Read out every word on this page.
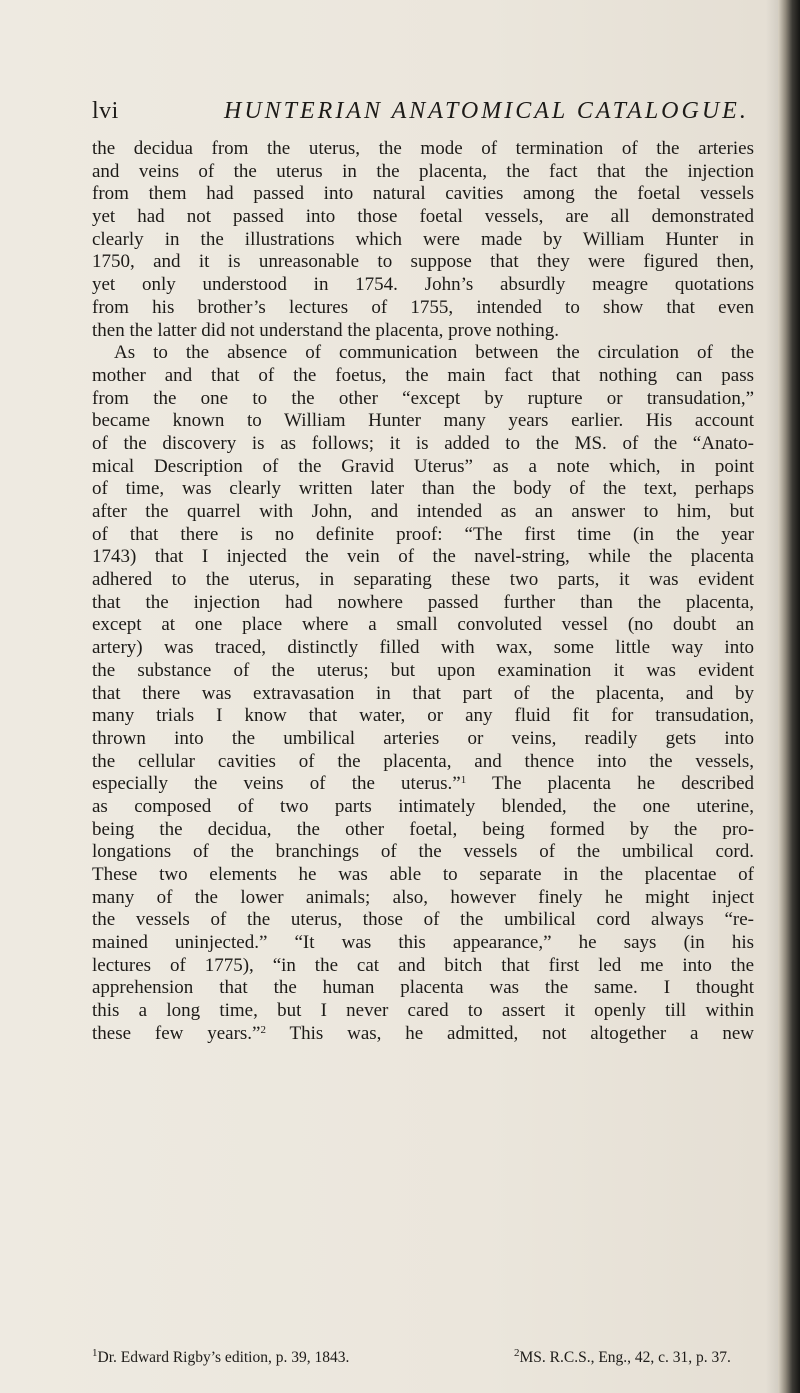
lvi	HUNTERIAN ANATOMICAL CATALOGUE.
the decidua from the uterus, the mode of termination of the arteries
and veins of the uterus in the placenta, the fact that the injection
from them had passed into natural cavities among the foetal vessels
yet had not passed into those foetal vessels, are all demonstrated
clearly in the illustrations which were made by William Hunter in
1750, and it is unreasonable to suppose that they were figured then,
yet only understood in 1754. John’s absurdly meagre quotations
from his brother’s lectures of 1755, intended to show that even
then the latter did not understand the placenta, prove nothing.
As to the absence of communication between the circulation of the
mother and that of the foetus, the main fact that nothing can pass
from the one to the other “except by rupture or transudation,”
became known to William Hunter many years earlier. His account
of the discovery is as follows; it is added to the MS. of the “Anato-
mical Description of the Gravid Uterus” as a note which, in point
of time, was clearly written later than the body of the text, perhaps
after the quarrel with John, and intended as an answer to him, but
of that there is no definite proof: “The first time (in the year
1743) that I injected the vein of the navel-string, while the placenta
adhered to the uterus, in separating these two parts, it was evident
that the injection had nowhere passed further than the placenta,
except at one place where a small convoluted vessel (no doubt an
artery) was traced, distinctly filled with wax, some little way into
the substance of the uterus; but upon examination it was evident
that there was extravasation in that part of the placenta, and by
many trials I know that water, or any fluid fit for transudation,
thrown into the umbilical arteries or veins, readily gets into
the cellular cavities of the placenta, and thence into the vessels,
especially the veins of the uterus.”$^1$ The placenta he described
as composed of two parts intimately blended, the one uterine,
being the decidua, the other foetal, being formed by the pro-
longations of the branchings of the vessels of the umbilical cord.
These two elements he was able to separate in the placentae of
many of the lower animals; also, however finely he might inject
the vessels of the uterus, those of the umbilical cord always “re-
mained uninjected.” “It was this appearance,” he says (in his
lectures of 1775), “in the cat and bitch that first led me into the
apprehension that the human placenta was the same. I thought
this a long time, but I never cared to assert it openly till within
these few years.”$^2$ This was, he admitted, not altogether a new
$^1$Dr. Edward Rigby’s edition, p. 39, 1843.	$^2$MS. R.C.S., Eng., 42, c. 31, p. 37.
